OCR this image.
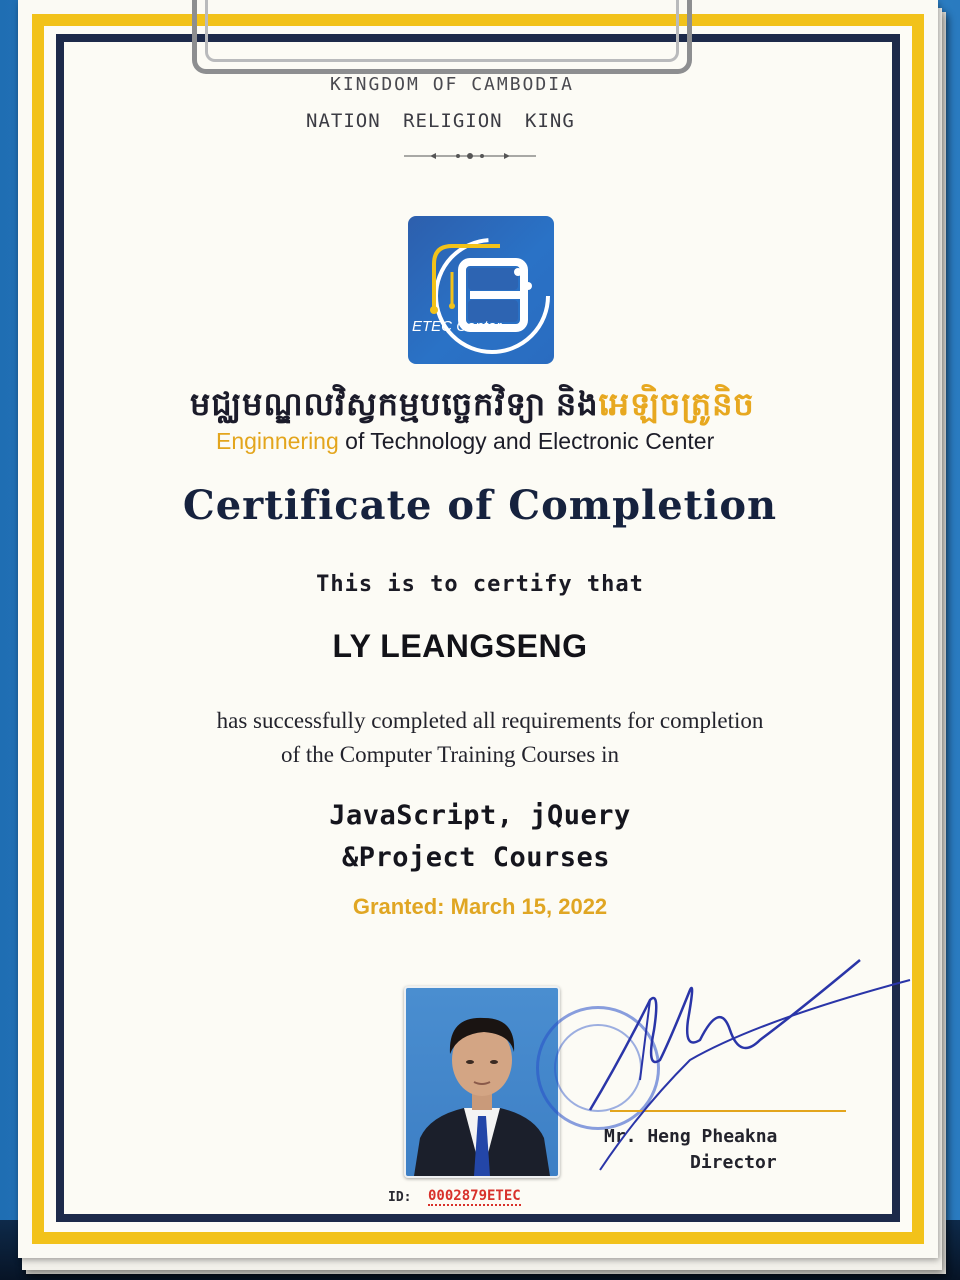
KINGDOM OF CAMBODIA
NATION RELIGION KING
ETEC Center
មជ្ឈមណ្ឌលវិស្វកម្មបច្ចេកវិទ្យា និងអេឡិចត្រូនិច
Enginnering of Technology and Electronic Center
Certificate of Completion
This is to certify that
LY LEANGSENG
has successfully completed all requirements for completion
of the Computer Training Courses in
JavaScript, jQuery
&Project Courses
Granted: March 15, 2022
Mr. Heng Pheakna
Director
ID: 0002879ETEC
